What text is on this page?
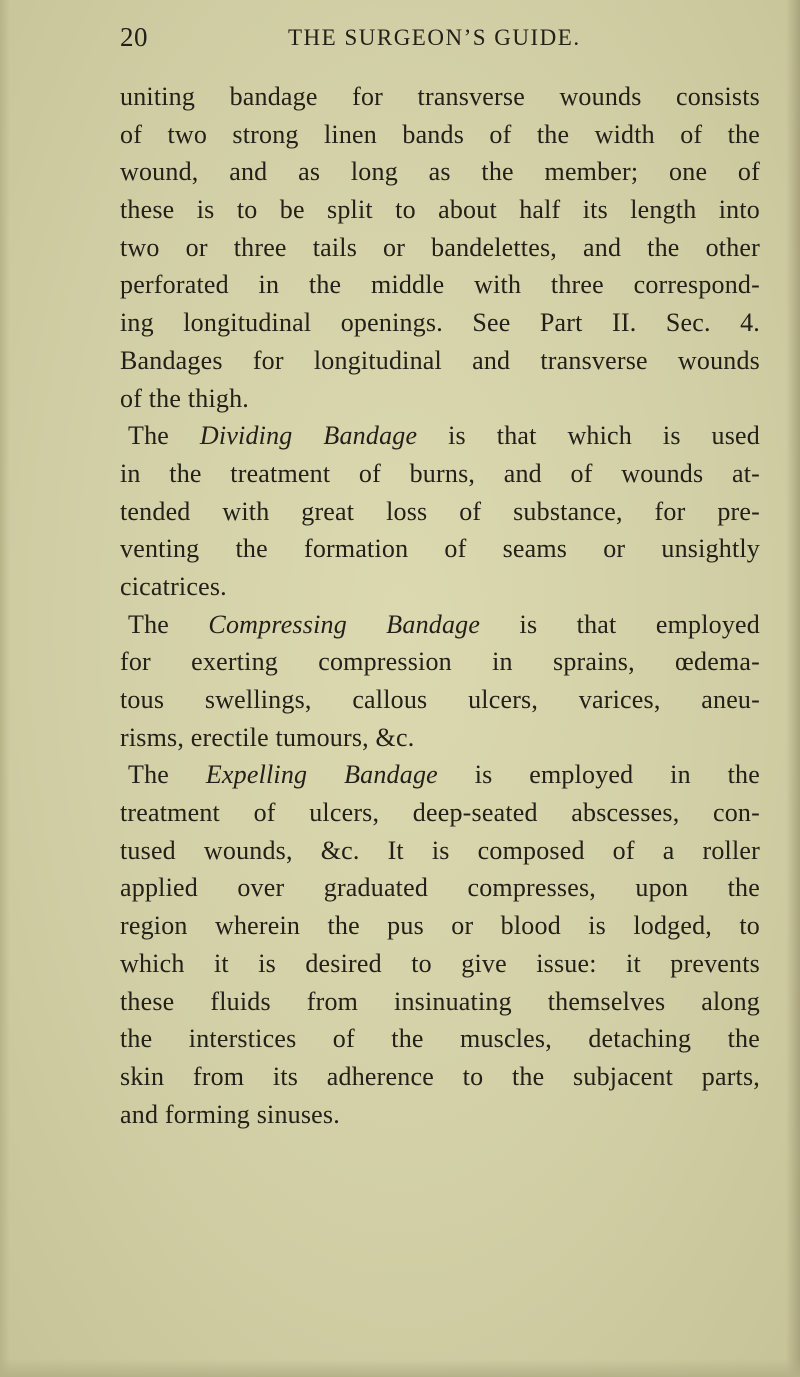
20	THE SURGEON’S GUIDE.
uniting bandage for transverse wounds consists
of two strong linen bands of the width of the
wound, and as long as the member; one of
these is to be split to about half its length into
two or three tails or bandelettes, and the other
perforated in the middle with three correspond-
ing longitudinal openings. See Part II. Sec. 4.
Bandages for longitudinal and transverse wounds
of the thigh.
The Dividing Bandage is that which is used
in the treatment of burns, and of wounds at-
tended with great loss of substance, for pre-
venting the formation of seams or unsightly
cicatrices.
The Compressing Bandage is that employed
for exerting compression in sprains, œdema-
tous swellings, callous ulcers, varices, aneu-
risms, erectile tumours, &c.
The Expelling Bandage is employed in the
treatment of ulcers, deep-seated abscesses, con-
tused wounds, &c. It is composed of a roller
applied over graduated compresses, upon the
region wherein the pus or blood is lodged, to
which it is desired to give issue: it prevents
these fluids from insinuating themselves along
the interstices of the muscles, detaching the
skin from its adherence to the subjacent parts,
and forming sinuses.
